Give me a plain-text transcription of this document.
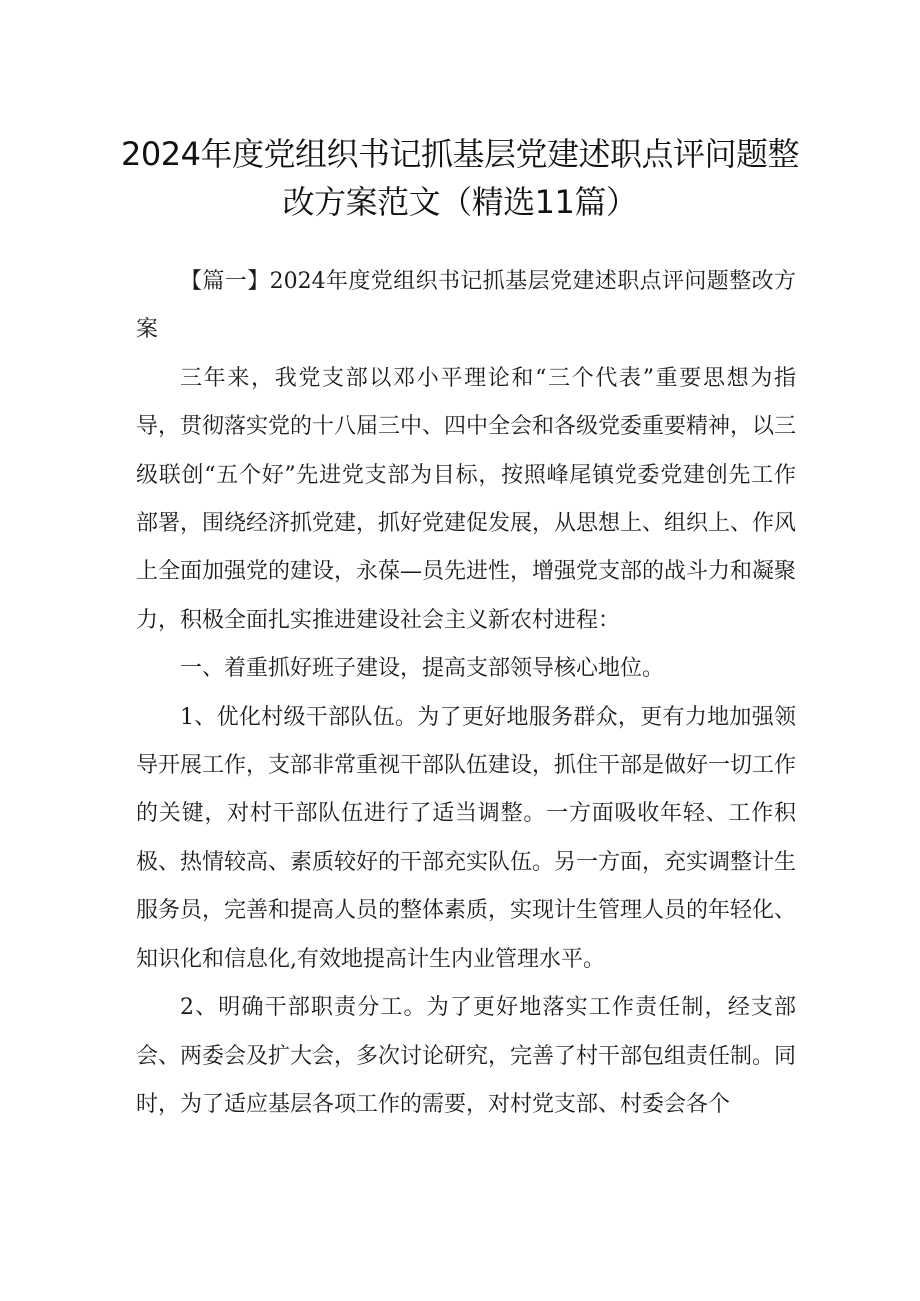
2024年度党组织书记抓基层党建述职点评问题整
改方案范文（精选11篇）

【篇一】2024年度党组织书记抓基层党建述职点评问题整改方案

三年来，我党支部以邓小平理论和“三个代表”重要思想为指导，贯彻落实党的十八届三中、四中全会和各级党委重要精神，以三级联创“五个好”先进党支部为目标，按照峰尾镇党委党建创先工作部署，围绕经济抓党建，抓好党建促发展，从思想上、组织上、作风上全面加强党的建设，永葆—员先进性，增强党支部的战斗力和凝聚力，积极全面扎实推进建设社会主义新农村进程：

一、着重抓好班子建设，提高支部领导核心地位。

1、优化村级干部队伍。为了更好地服务群众，更有力地加强领导开展工作，支部非常重视干部队伍建设，抓住干部是做好一切工作的关键，对村干部队伍进行了适当调整。一方面吸收年轻、工作积极、热情较高、素质较好的干部充实队伍。另一方面，充实调整计生服务员，完善和提高人员的整体素质，实现计生管理人员的年轻化、知识化和信息化,有效地提高计生内业管理水平。

2、明确干部职责分工。为了更好地落实工作责任制，经支部会、两委会及扩大会，多次讨论研究，完善了村干部包组责任制。同时，为了适应基层各项工作的需要，对村党支部、村委会各个
